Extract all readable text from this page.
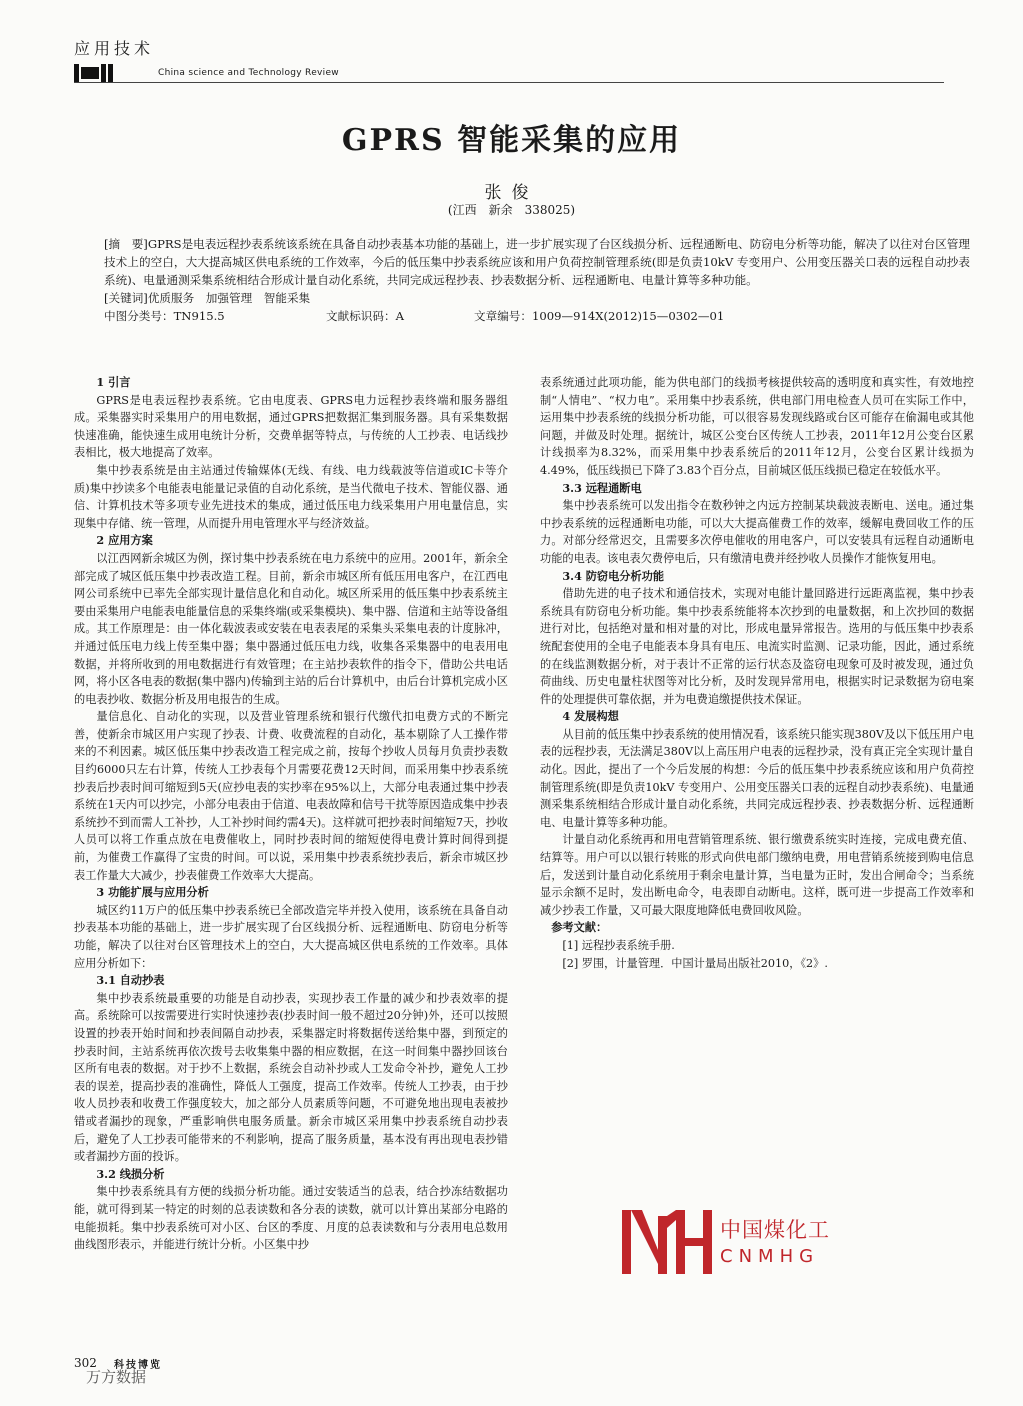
应用技术
China science and Technology Review
GPRS 智能采集的应用
张俊
(江西　新余　338025)
[摘　要]GPRS是电表远程抄表系统该系统在具备自动抄表基本功能的基础上，进一步扩展实现了台区线损分析、远程通断电、防窃电分析等功能，解决了以往对台区管理技术上的空白，大大提高城区供电系统的工作效率，今后的低压集中抄表系统应该和用户负荷控制管理系统(即是负责10kV 专变用户、公用变压器关口表的远程自动抄表系统)、电量通测采集系统相结合形成计量自动化系统，共同完成远程抄表、抄表数据分析、远程通断电、电量计算等多种功能。
[关键词]优质服务　加强管理　智能采集
中图分类号：TN915.5	文献标识码：A	文章编号：1009—914X(2012)15—0302—01
1 引言

GPRS是电表远程抄表系统。它由电度表、GPRS电力远程抄表终端和服务器组成。采集器实时采集用户的用电数据，通过GPRS把数据汇集到服务器。具有采集数据快速准确，能快速生成用电统计分析，交费单据等特点，与传统的人工抄表、电话线抄表相比，极大地提高了效率。

集中抄表系统是由主站通过传输媒体(无线、有线、电力线载波等信道或IC卡等介质)集中抄读多个电能表电能量记录值的自动化系统，是当代微电子技术、智能仪器、通信、计算机技术等多项专业先进技术的集成，通过低压电力线采集用户用电量信息，实现集中存储、统一管理，从而提升用电管理水平与经济效益。

2 应用方案

以江西网新余城区为例，探讨集中抄表系统在电力系统中的应用。2001年，新余全部完成了城区低压集中抄表改造工程。目前，新余市城区所有低压用电客户，在江西电网公司系统中已率先全部实现计量信息化和自动化。城区所采用的低压集中抄表系统主要由采集用户电能表电能量信息的采集终端(或采集模块)、集中器、信道和主站等设备组成。其工作原理是：由一体化载波表或安装在电表表尾的采集头采集电表的计度脉冲，并通过低压电力线上传至集中器；集中器通过低压电力线，收集各采集器中的电表用电数据，并将所收到的用电数据进行有效管理；在主站抄表软件的指令下，借助公共电话网，将小区各电表的数据(集中器内)传输到主站的后台计算机中，由后台计算机完成小区的电表抄收、数据分析及用电报告的生成。

量信息化、自动化的实现，以及营业管理系统和银行代缴代扣电费方式的不断完善，使新余市城区用户实现了抄表、计费、收费流程的自动化，基本剔除了人工操作带来的不利因素。城区低压集中抄表改造工程完成之前，按每个抄收人员每月负责抄表数目约6000只左右计算，传统人工抄表每个月需要花费12天时间，而采用集中抄表系统抄表后抄表时间可缩短到5天(应抄电表的实抄率在95%以上，大部分电表通过集中抄表系统在1天内可以抄完，小部分电表由于信道、电表故障和信号干扰等原因造成集中抄表系统抄不到而需人工补抄，人工补抄时间约需4天)。这样就可把抄表时间缩短7天，抄收人员可以将工作重点放在电费催收上，同时抄表时间的缩短使得电费计算时间得到提前，为催费工作赢得了宝贵的时间。可以说，采用集中抄表系统抄表后，新余市城区抄表工作量大大减少，抄表催费工作效率大大提高。

3 功能扩展与应用分析

城区约11万户的低压集中抄表系统已全部改造完毕并投入使用，该系统在具备自动抄表基本功能的基础上，进一步扩展实现了台区线损分析、远程通断电、防窃电分析等功能，解决了以往对台区管理技术上的空白，大大提高城区供电系统的工作效率。具体应用分析如下：

3.1 自动抄表

集中抄表系统最重要的功能是自动抄表，实现抄表工作量的减少和抄表效率的提高。系统除可以按需要进行实时快速抄表(抄表时间一般不超过20分钟)外，还可以按照设置的抄表开始时间和抄表间隔自动抄表，采集器定时将数据传送给集中器，到预定的抄表时间，主站系统再依次拨号去收集集中器的相应数据，在这一时间集中器抄回该台区所有电表的数据。对于抄不上数据，系统会自动补抄或人工发命令补抄，避免人工抄表的误差，提高抄表的准确性，降低人工强度，提高工作效率。传统人工抄表，由于抄收人员抄表和收费工作强度较大，加之部分人员素质等问题，不可避免地出现电表被抄错或者漏抄的现象，严重影响供电服务质量。新余市城区采用集中抄表系统自动抄表后，避免了人工抄表可能带来的不利影响，提高了服务质量，基本没有再出现电表抄错或者漏抄方面的投诉。

3.2 线损分析

集中抄表系统具有方便的线损分析功能。通过安装适当的总表，结合抄冻结数据功能，就可得到某一特定的时刻的总表读数和各分表的读数，就可以计算出某部分电路的电能损耗。集中抄表系统可对小区、台区的季度、月度的总表读数和与分表用电总数用曲线图形表示，并能进行统计分析。小区集中抄

表系统通过此项功能，能为供电部门的线损考核提供较高的透明度和真实性，有效地控制“人情电”、“权力电”。采用集中抄表系统，供电部门用电检查人员可在实际工作中，运用集中抄表系统的线损分析功能，可以很容易发现线路或台区可能存在偷漏电或其他问题，并做及时处理。据统计，城区公变台区传统人工抄表，2011年12月公变台区累计线损率为8.32%，而采用集中抄表系统后的2011年12月，公变台区累计线损为4.49%，低压线损已下降了3.83个百分点，目前城区低压线损已稳定在较低水平。

3.3 远程通断电

集中抄表系统可以发出指令在数秒钟之内远方控制某块载波表断电、送电。通过集中抄表系统的远程通断电功能，可以大大提高催费工作的效率，缓解电费回收工作的压力。对部分经常迟交，且需要多次停电催收的用电客户，可以安装具有远程自动通断电功能的电表。该电表欠费停电后，只有缴清电费并经抄收人员操作才能恢复用电。

3.4 防窃电分析功能

借助先进的电子技术和通信技术，实现对电能计量回路进行远距离监视，集中抄表系统具有防窃电分析功能。集中抄表系统能将本次抄到的电量数据，和上次抄回的数据进行对比，包括绝对量和相对量的对比，形成电量异常报告。选用的与低压集中抄表系统配套使用的全电子电能表本身具有电压、电流实时监测、记录功能，因此，通过系统的在线监测数据分析，对于表计不正常的运行状态及盗窃电现象可及时被发现，通过负荷曲线、历史电量柱状图等对比分析，及时发现异常用电，根据实时记录数据为窃电案件的处理提供可靠依据，并为电费追缴提供技术保证。

4 发展构想

从目前的低压集中抄表系统的使用情况看，该系统只能实现380V及以下低压用户电表的远程抄表，无法满足380V以上高压用户电表的远程抄录，没有真正完全实现计量自动化。因此，提出了一个今后发展的构想：今后的低压集中抄表系统应该和用户负荷控制管理系统(即是负责10kV 专变用户、公用变压器关口表的远程自动抄表系统)、电量通测采集系统相结合形成计量自动化系统，共同完成远程抄表、抄表数据分析、远程通断电、电量计算等多种功能。

计量自动化系统再和用电营销管理系统、银行缴费系统实时连接，完成电费充值、结算等。用户可以以银行转账的形式向供电部门缴纳电费，用电营销系统接到购电信息后，发送到计量自动化系统用于剩余电量计算，当电量为正时，发出合闸命令；当系统显示余额不足时，发出断电命令，电表即自动断电。这样，既可进一步提高工作效率和减少抄表工作量，又可最大限度地降低电费回收风险。

参考文献：

[1] 远程抄表系统手册.

[2] 罗围，计量管理．中国计量局出版社2010，《2》.

中国煤化工
CNMHG
302 科技博览
万方数据
